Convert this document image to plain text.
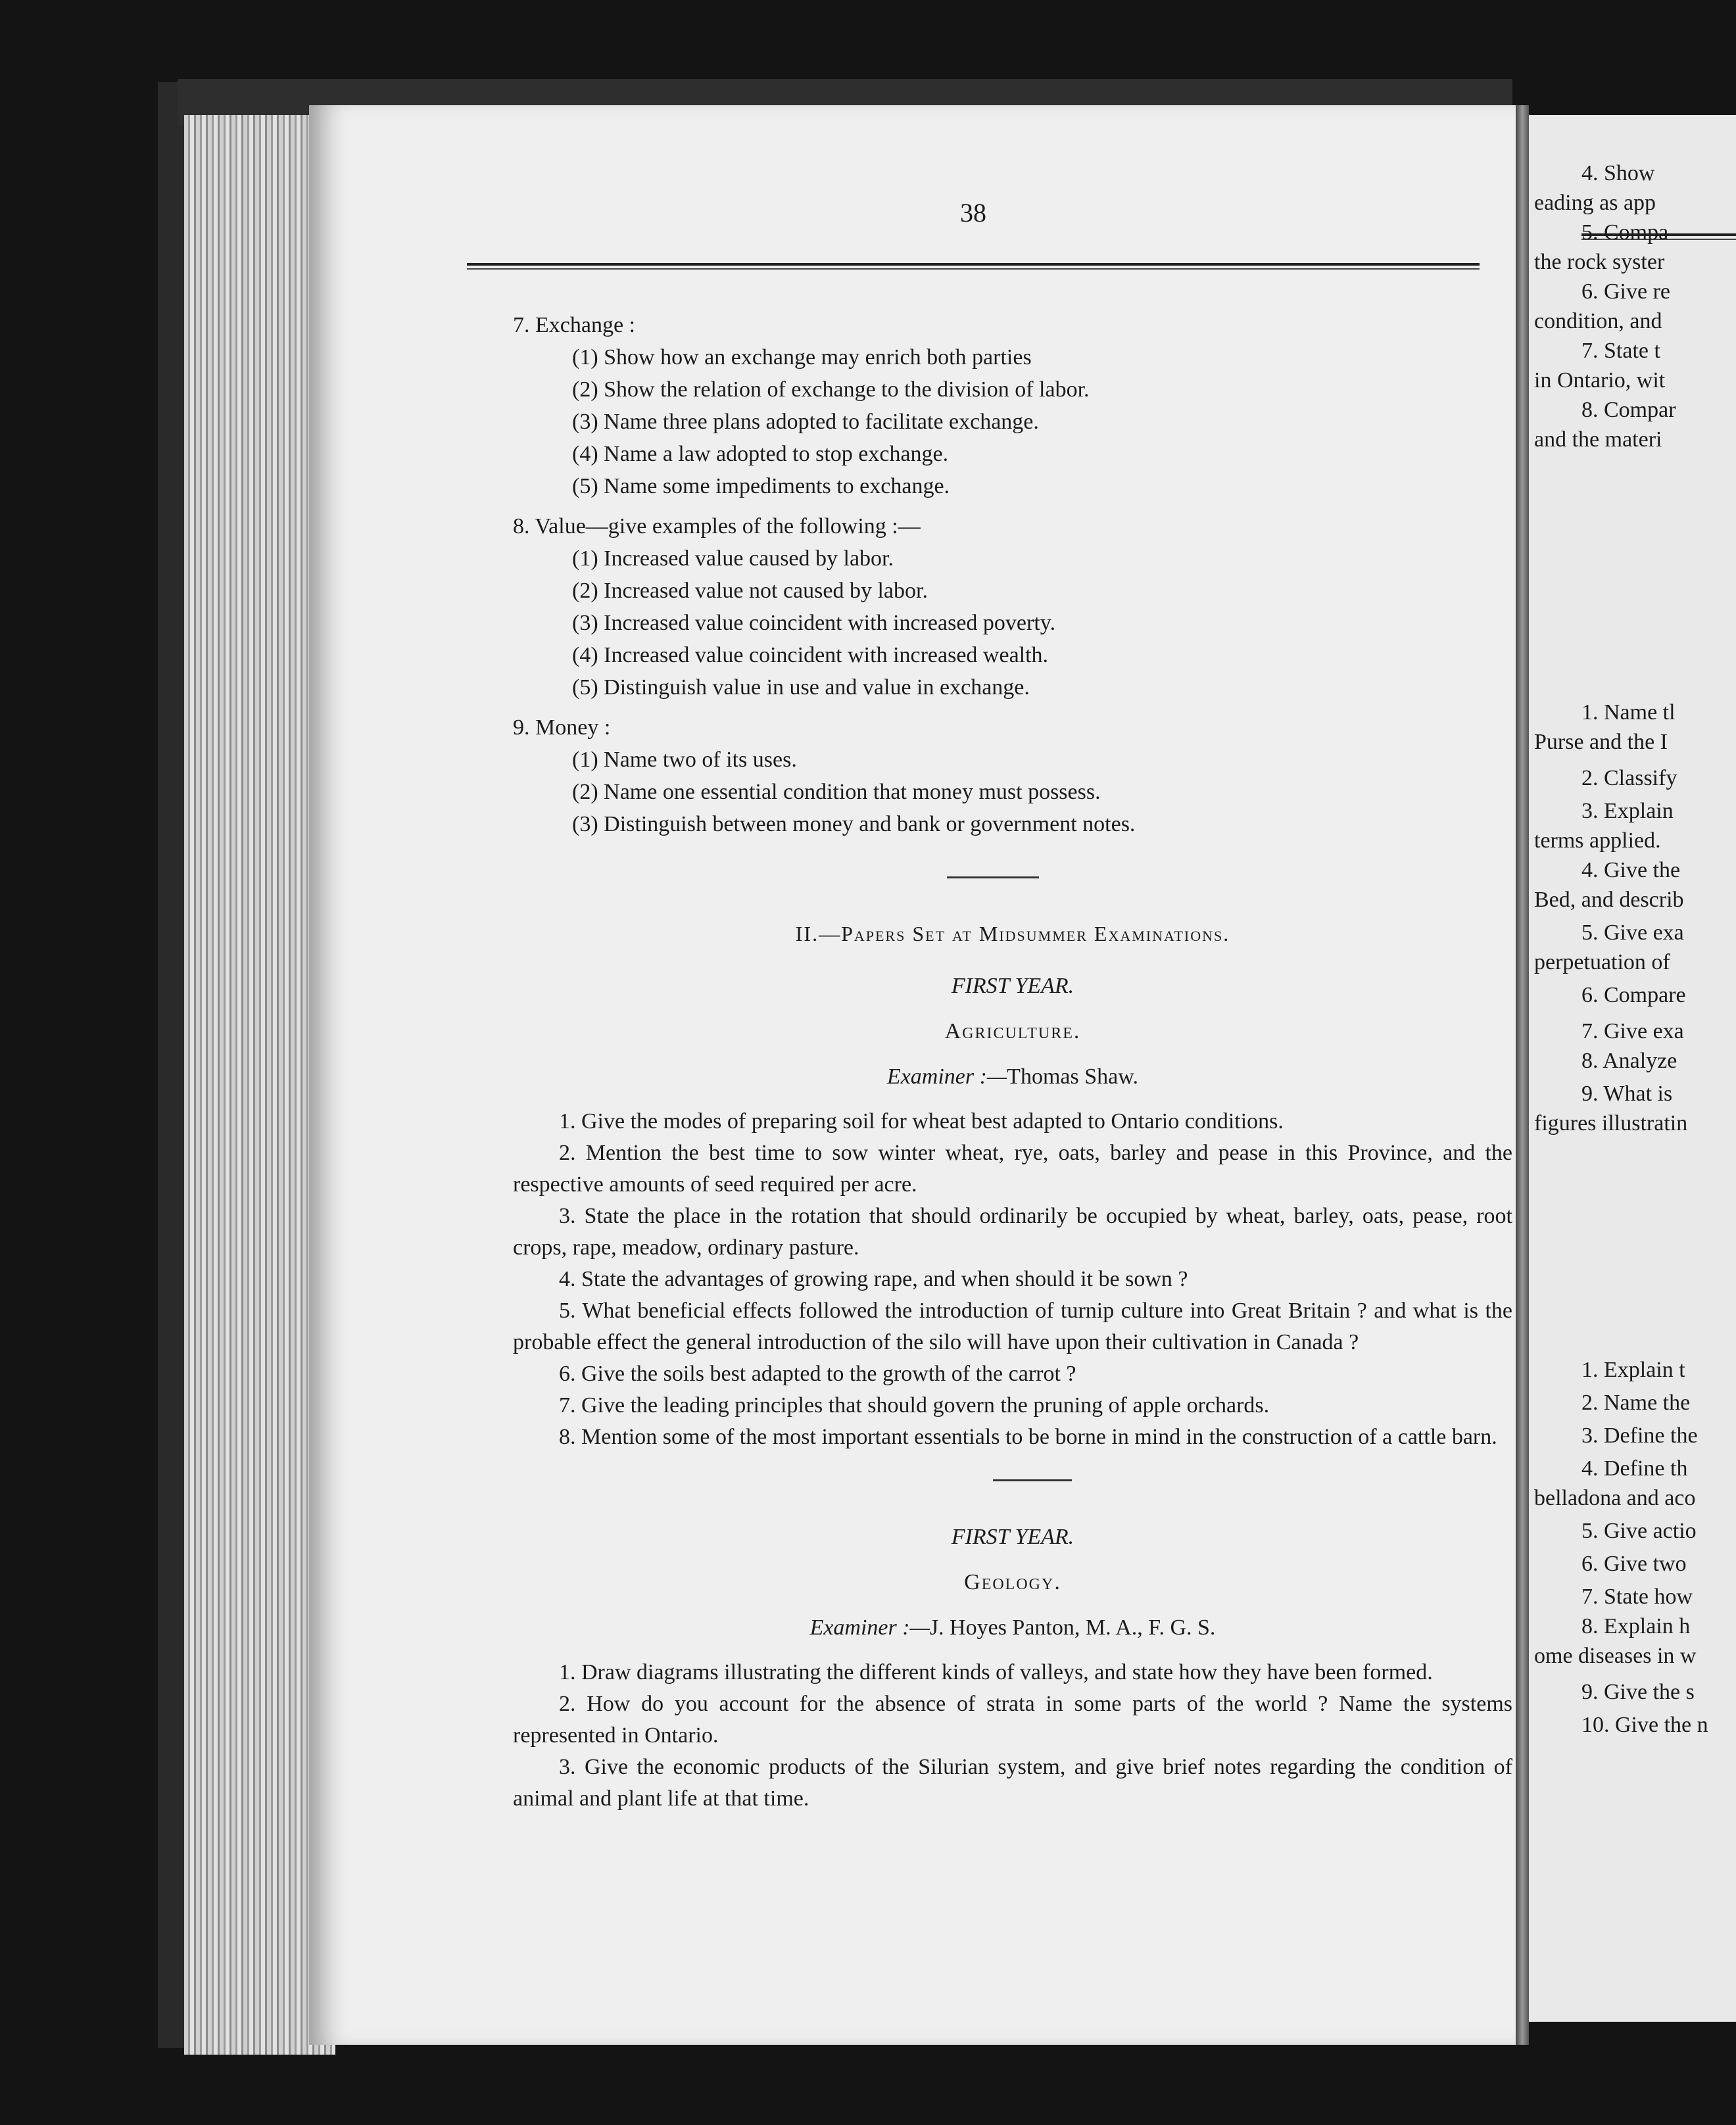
38
7. Exchange :
(1) Show how an exchange may enrich both parties
(2) Show the relation of exchange to the division of labor.
(3) Name three plans adopted to facilitate exchange.
(4) Name a law adopted to stop exchange.
(5) Name some impediments to exchange.
8. Value—give examples of the following :—
(1) Increased value caused by labor.
(2) Increased value not caused by labor.
(3) Increased value coincident with increased poverty.
(4) Increased value coincident with increased wealth.
(5) Distinguish value in use and value in exchange.
9. Money :
(1) Name two of its uses.
(2) Name one essential condition that money must possess.
(3) Distinguish between money and bank or government notes.
II.—Papers Set at Midsummer Examinations.
FIRST YEAR.
Agriculture.
Examiner :—Thomas Shaw.
1. Give the modes of preparing soil for wheat best adapted to Ontario conditions.
2. Mention the best time to sow winter wheat, rye, oats, barley and pease in this Province, and the respective amounts of seed required per acre.
3. State the place in the rotation that should ordinarily be occupied by wheat, barley, oats, pease, root crops, rape, meadow, ordinary pasture.
4. State the advantages of growing rape, and when should it be sown ?
5. What beneficial effects followed the introduction of turnip culture into Great Britain ? and what is the probable effect the general introduction of the silo will have upon their cultivation in Canada ?
6. Give the soils best adapted to the growth of the carrot ?
7. Give the leading principles that should govern the pruning of apple orchards.
8. Mention some of the most important essentials to be borne in mind in the construction of a cattle barn.
FIRST YEAR.
Geology.
Examiner :—J. Hoyes Panton, M. A., F. G. S.
1. Draw diagrams illustrating the different kinds of valleys, and state how they have been formed.
2. How do you account for the absence of strata in some parts of the world ? Name the systems represented in Ontario.
3. Give the economic products of the Silurian system, and give brief notes regarding the condition of animal and plant life at that time.
4. Show
eading as app
5. Compa
the rock syster
6. Give re
condition, and
7. State t
in Ontario, wit
8. Compar
and the materi
1. Name tl
Purse and the I
2. Classify
3. Explain
terms applied.
4. Give the
Bed, and describ
5. Give exa
perpetuation of
6. Compare
7. Give exa
8. Analyze
9. What is
figures illustratin
1. Explain t
2. Name the
3. Define the
4. Define th
belladona and aco
5. Give actio
6. Give two
7. State how
8. Explain h
ome diseases in w
9. Give the s
10. Give the n
